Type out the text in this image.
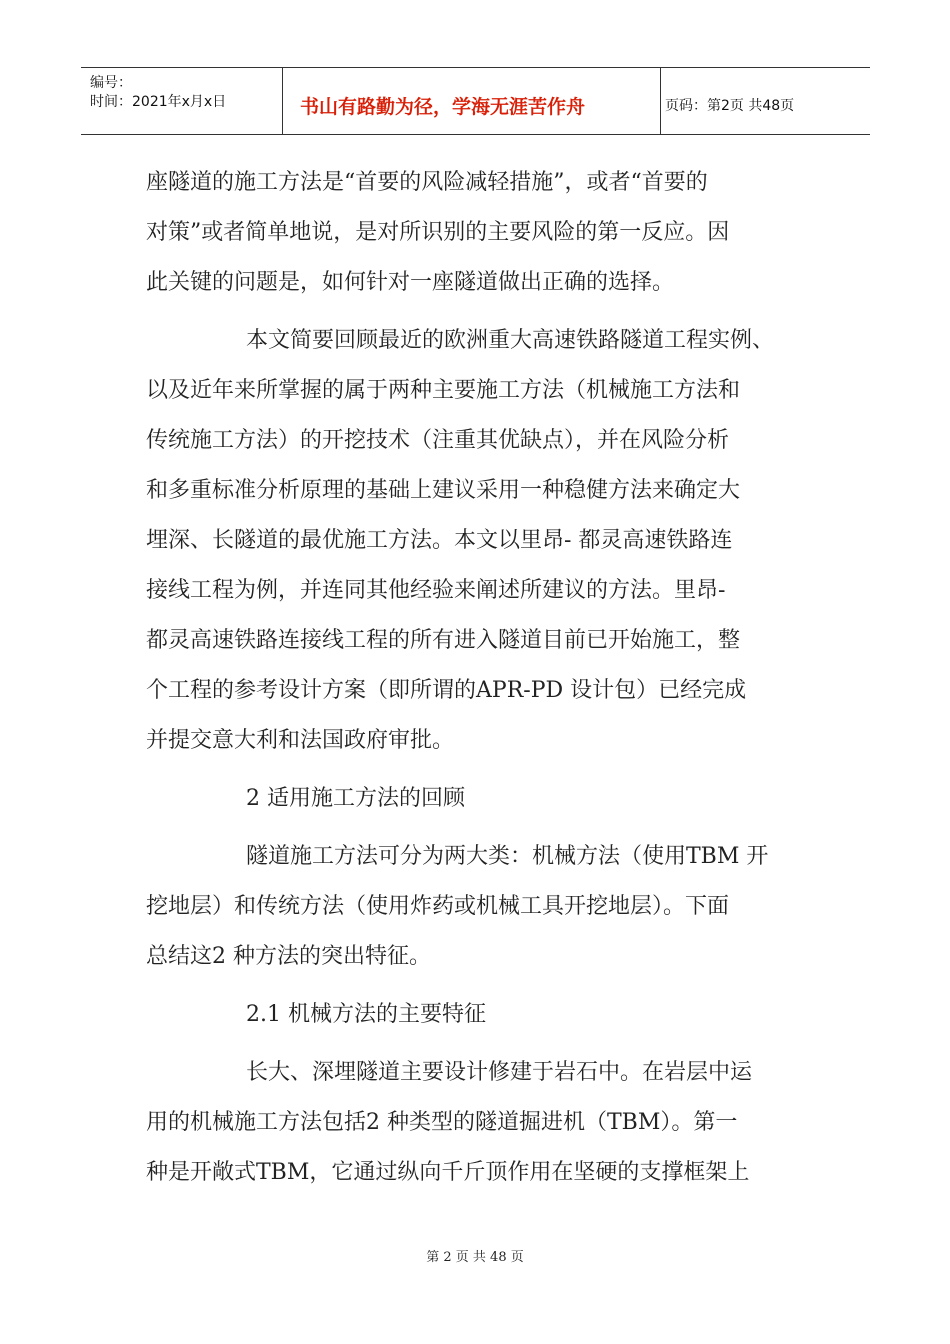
编号：
时间：2021年x月x日	书山有路勤为径，学海无涯苦作舟	页码：第2页 共48页
座隧道的施工方法是“首要的风险减轻措施”，或者“首要的
对策”或者简单地说，是对所识别的主要风险的第一反应。因
此关键的问题是，如何针对一座隧道做出正确的选择。
本文简要回顾最近的欧洲重大高速铁路隧道工程实例、
以及近年来所掌握的属于两种主要施工方法（机械施工方法和
传统施工方法）的开挖技术（注重其优缺点），并在风险分析
和多重标准分析原理的基础上建议采用一种稳健方法来确定大
埋深、长隧道的最优施工方法。本文以里昂- 都灵高速铁路连
接线工程为例，并连同其他经验来阐述所建议的方法。里昂-
都灵高速铁路连接线工程的所有进入隧道目前已开始施工，整
个工程的参考设计方案（即所谓的APR-PD 设计包）已经完成
并提交意大利和法国政府审批。
2 适用施工方法的回顾
隧道施工方法可分为两大类：机械方法（使用TBM 开
挖地层）和传统方法（使用炸药或机械工具开挖地层）。下面
总结这2 种方法的突出特征。
2.1 机械方法的主要特征
长大、深埋隧道主要设计修建于岩石中。在岩层中运
用的机械施工方法包括2 种类型的隧道掘进机（TBM）。第一
种是开敞式TBM，它通过纵向千斤顶作用在坚硬的支撑框架上
第 2 页 共 48 页
